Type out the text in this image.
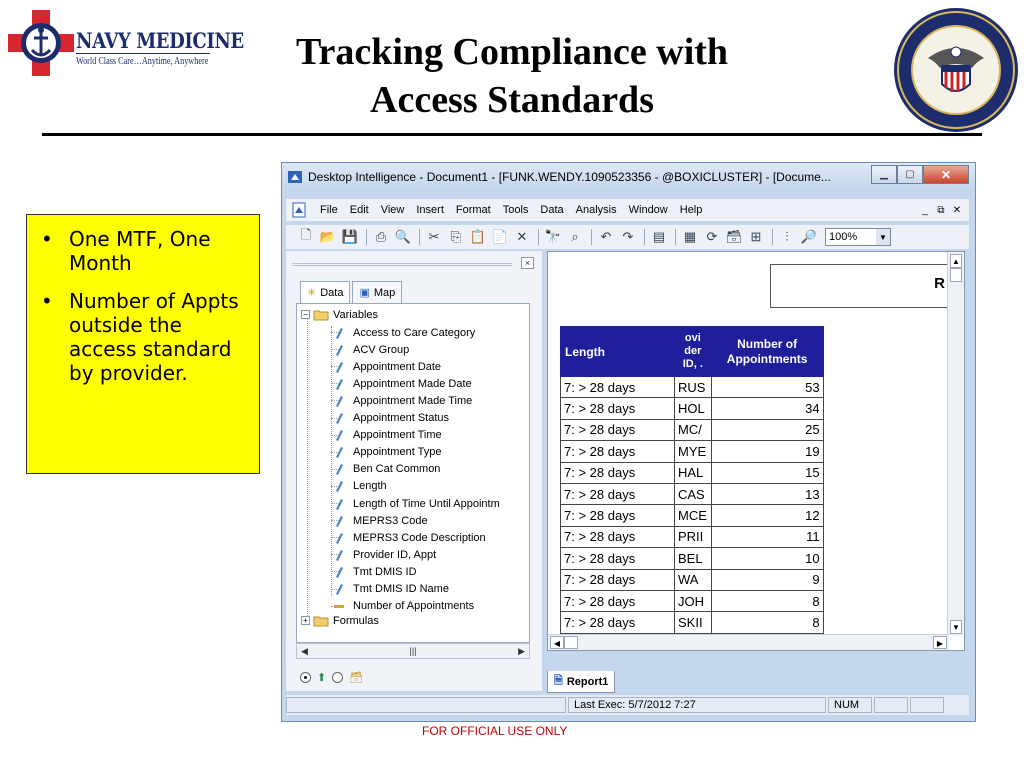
NAVY MEDICINE
World Class Care…Anytime, Anywhere	Tracking Compliance with
Access Standards
• One MTF, One Month
• Number of Appts outside the access standard by provider.
FOR OFFICIAL USE ONLY
Desktop Intelligence - Document1 - [FUNK.WENDY.1090523356 - @BOXICLUSTER] - [Docume...	▁	▢	✕
File	Edit	View	Insert	Format	Tools	Data	Analysis	Window	Help	_ ⧉ ✕
🗋 📂 💾	⎙ 🔍	✂ ⎘ 📋 📄 ✕	🔭 ⌕	↶ ↷	▤ ▦ ⟳ 🗃 ⊞	⫶ 🔎 100%	▼
×
✳ Data ▣ Map
− Variables
Access to Care Category
ACV Group
Appointment Date
Appointment Made Date
Appointment Made Time
Appointment Status
Appointment Time
Appointment Type
Ben Cat Common
Length
Length of Time Until Appointm
MEPRS3 Code
MEPRS3 Code Description
Provider ID, Appt
Tmt DMIS ID
Tmt DMIS ID Name
Number of Appointments
+ Formulas
◀	|||	▶
⬆ 🗃
R
Length	ovi der ID, .	Number of Appointments
7: > 28 days	RUS	53
7: > 28 days	HOL	34
7: > 28 days	MC/	25
7: > 28 days	MYE	19
7: > 28 days	HAL	15
7: > 28 days	CAS	13
7: > 28 days	MCE	12
7: > 28 days	PRII	11
7: > 28 days	BEL	10
7: > 28 days	WA	9
7: > 28 days	JOH	8
7: > 28 days	SKII	8

▲
▼
◀	▶
🗎 Report1
Last Exec: 5/7/2012 7:27	NUM
